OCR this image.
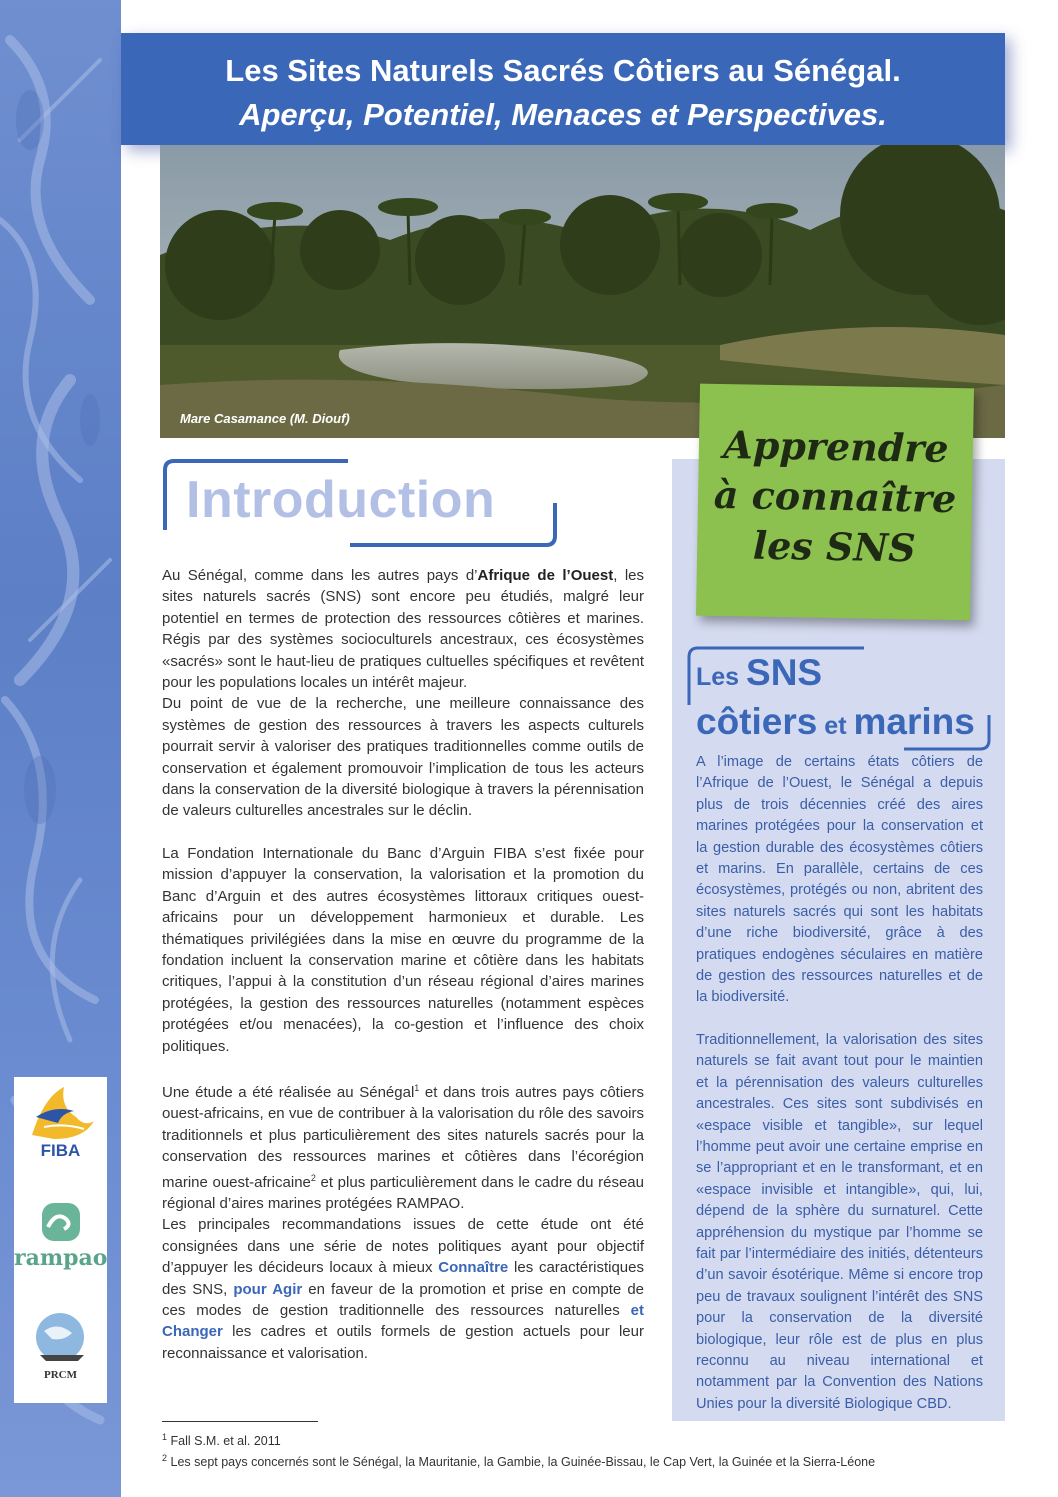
Les Sites Naturels Sacrés Côtiers au Sénégal.
Aperçu, Potentiel, Menaces et Perspectives.
Mare Casamance (M. Diouf)
Introduction

Au Sénégal, comme dans les autres pays d’Afrique de l’Ouest, les sites naturels sacrés (SNS) sont encore peu étudiés, malgré leur potentiel en termes de protection des ressources côtières et marines. Régis par des systèmes socioculturels ancestraux, ces écosystèmes «sacrés» sont le haut-lieu de pratiques cultuelles spécifiques et revêtent pour les populations locales un intérêt majeur.

Du point de vue de la recherche, une meilleure connaissance des systèmes de gestion des ressources à travers les aspects culturels pourrait servir à valoriser des pratiques traditionnelles comme outils de conservation et également promouvoir l’implication de tous les acteurs dans la conservation de la diversité biologique à travers la pérennisation de valeurs culturelles ancestrales sur le déclin.

La Fondation Internationale du Banc d’Arguin FIBA s’est fixée pour mission d’appuyer la conservation, la valorisation et la promotion du Banc d’Arguin et des autres écosystèmes littoraux critiques ouest-africains pour un développement harmonieux et durable. Les thématiques privilégiées dans la mise en œuvre du programme de la fondation incluent la conservation marine et côtière dans les habitats critiques, l’appui à la constitution d’un réseau régional d’aires marines protégées, la gestion des ressources naturelles (notamment espèces protégées et/ou menacées), la co-gestion et l’influence des choix politiques.

Une étude a été réalisée au Sénégal$^1$ et dans trois autres pays côtiers ouest-africains, en vue de contribuer à la valorisation du rôle des savoirs traditionnels et plus particulièrement des sites naturels sacrés pour la conservation des ressources marines et côtières dans l’écorégion marine ouest-africaine$^2$ et plus particulièrement dans le cadre du réseau régional d’aires marines protégées RAMPAO.

Les principales recommandations issues de cette étude ont été consignées dans une série de notes politiques ayant pour objectif d’appuyer les décideurs locaux à mieux Connaître les caractéristiques des SNS, pour Agir en faveur de la promotion et prise en compte de ces modes de gestion traditionnelle des ressources naturelles et Changer les cadres et outils formels de gestion actuels pour leur reconnaissance et valorisation.

Apprendre
à connaître
les SNS
Les SNS
côtiers et marins

A l’image de certains états côtiers de l’Afrique de l’Ouest, le Sénégal a depuis plus de trois décennies créé des aires marines protégées pour la conservation et la gestion durable des écosystèmes côtiers et marins. En parallèle, certains de ces écosystèmes, protégés ou non, abritent des sites naturels sacrés qui sont les habitats d’une riche biodiversité, grâce à des pratiques endogènes séculaires en matière de gestion des ressources naturelles et de la biodiversité.

Traditionnellement, la valorisation des sites naturels se fait avant tout pour le maintien et la pérennisation des valeurs culturelles ancestrales. Ces sites sont subdivisés en «espace visible et tangible», sur lequel l’homme peut avoir une certaine emprise en se l’appropriant et en le transformant, et en «espace invisible et intangible», qui, lui, dépend de la sphère du surnaturel. Cette appréhension du mystique par l’homme se fait par l’intermédiaire des initiés, détenteurs d’un savoir ésotérique. Même si encore trop peu de travaux soulignent l’intérêt des SNS pour la conservation de la diversité biologique, leur rôle est de plus en plus reconnu au niveau international et notamment par la Convention des Nations Unies pour la diversité Biologique CBD.

FIBA
rampao
PRCM
$^1$ Fall S.M. et al. 2011
$^2$ Les sept pays concernés sont le Sénégal, la Mauritanie, la Gambie, la Guinée-Bissau, le Cap Vert, la Guinée et la Sierra-Léone
